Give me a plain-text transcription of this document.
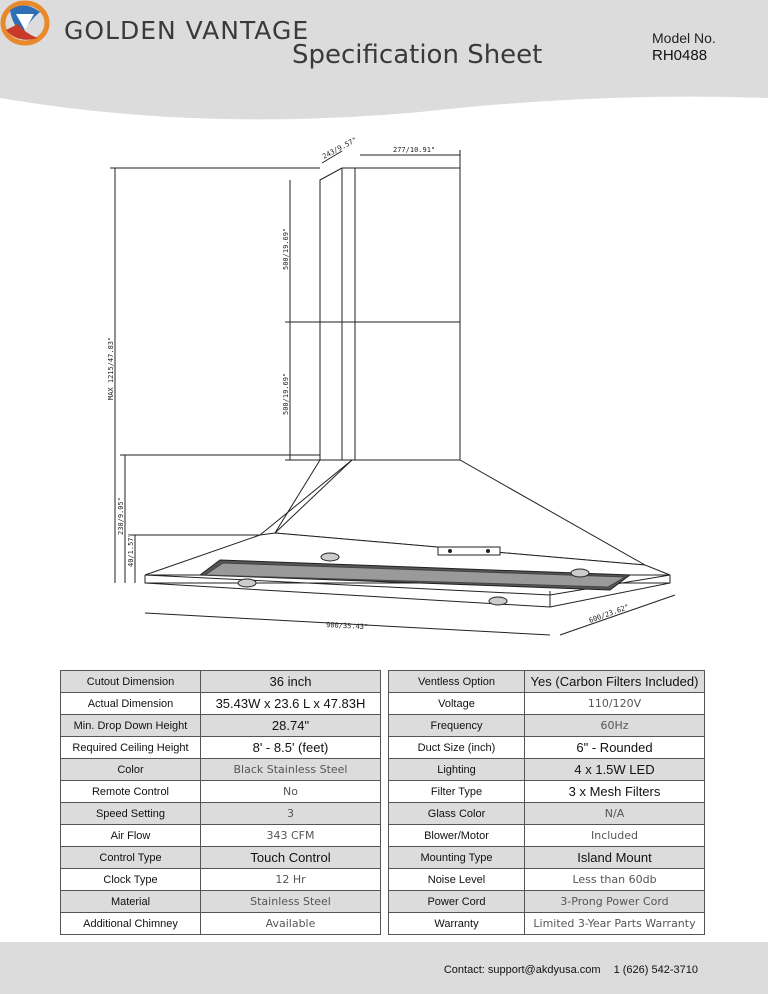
GOLDEN VANTAGE
Specification Sheet
Model No.
RH0488
243/9.57"	277/10.91"
500/19.69"
500/19.69"
MAX 1215/47.83"
230/9.05"
40/1.57"
900/35.43"
600/23.62"
Cutout Dimension	36 inch
Actual Dimension	35.43W x 23.6 L x 47.83H
Min. Drop Down Height	28.74"
Required Ceiling Height	8' - 8.5' (feet)
Color	Black Stainless Steel
Remote Control	No
Speed Setting	3
Air Flow	343 CFM
Control Type	Touch Control
Clock Type	12 Hr
Material	Stainless Steel
Additional Chimney	Available
Ventless Option	Yes (Carbon Filters Included)
Voltage	110/120V
Frequency	60Hz
Duct Size (inch)	6" - Rounded
Lighting	4 x 1.5W LED
Filter Type	3 x Mesh Filters
Glass Color	N/A
Blower/Motor	Included
Mounting Type	Island Mount
Noise Level	Less than 60db
Power Cord	3-Prong Power Cord
Warranty	Limited 3-Year Parts Warranty
Contact: support@akdyusa.com 1 (626) 542-3710
